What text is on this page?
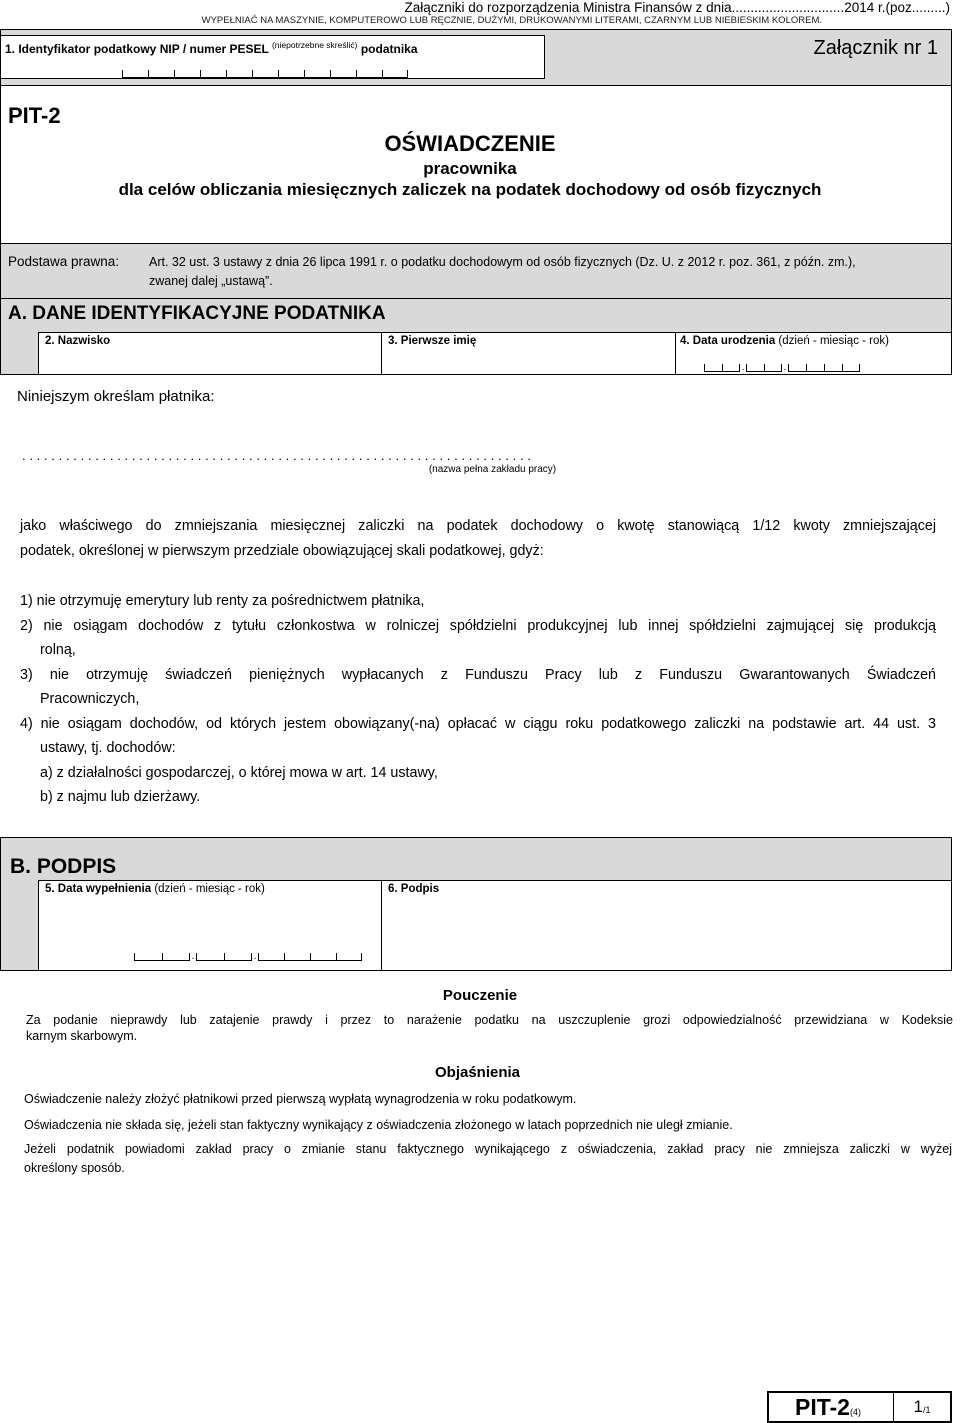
Załączniki do rozporządzenia Ministra Finansów z dnia..............................2014 r.(poz.........)
WYPEŁNIAĆ NA MASZYNIE, KOMPUTEROWO LUB RĘCZNIE, DUŻYMI, DRUKOWANYMI LITERAMI, CZARNYM LUB NIEBIESKIM KOLOREM.
1. Identyfikator podatkowy NIP / numer PESEL $^{(niepotrzebne skreślić)}$ podatnika	Załącznik nr 1
PIT-2
OŚWIADCZENIE
pracownika
dla celów obliczania miesięcznych zaliczek na podatek dochodowy od osób fizycznych
Podstawa prawna: Art. 32 ust. 3 ustawy z dnia 26 lipca 1991 r. o podatku dochodowym od osób fizycznych (Dz. U. z 2012 r. poz. 361, z późn. zm.),
zwanej dalej „ustawą”.
A. DANE IDENTYFIKACYJNE PODATNIKA
2. Nazwisko	3. Pierwsze imię	4. Data urodzenia (dzień - miesiąc - rok)
.	.
Niniejszym określam płatnika:
. . . . . . . . . . . . . . . . . . . . . . . . . . . . . . . . . . . . . . . . . . . . . . . . . . . . . . . . . . . . . . . . . . . . . .
(nazwa pełna zakładu pracy)
jako właściwego do zmniejszania miesięcznej zaliczki na podatek dochodowy o kwotę stanowiącą 1/12 kwoty zmniejszającej
podatek, określonej w pierwszym przedziale obowiązującej skali podatkowej, gdyż:
1) nie otrzymuję emerytury lub renty za pośrednictwem płatnika,
2) nie osiągam dochodów z tytułu członkostwa w rolniczej spółdzielni produkcyjnej lub innej spółdzielni zajmującej się produkcją
rolną,
3) nie otrzymuję świadczeń pieniężnych wypłacanych z Funduszu Pracy lub z Funduszu Gwarantowanych Świadczeń
Pracowniczych,
4) nie osiągam dochodów, od których jestem obowiązany(-na) opłacać w ciągu roku podatkowego zaliczki na podstawie art. 44 ust. 3
ustawy, tj. dochodów:
a) z działalności gospodarczej, o której mowa w art. 14 ustawy,
b) z najmu lub dzierżawy.
B. PODPIS
5. Data wypełnienia (dzień - miesiąc - rok)	6. Podpis
.	.
Pouczenie
Za podanie nieprawdy lub zatajenie prawdy i przez to narażenie podatku na uszczuplenie grozi odpowiedzialność przewidziana w Kodeksie
karnym skarbowym.
Objaśnienia
Oświadczenie należy złożyć płatnikowi przed pierwszą wypłatą wynagrodzenia w roku podatkowym.
Oświadczenia nie składa się, jeżeli stan faktyczny wynikający z oświadczenia złożonego w latach poprzednich nie uległ zmianie.
Jeżeli podatnik powiadomi zakład pracy o zmianie stanu faktycznego wynikającego z oświadczenia, zakład pracy nie zmniejsza zaliczki w wyżej
określony sposób.
PIT-2(4)	1 /1
